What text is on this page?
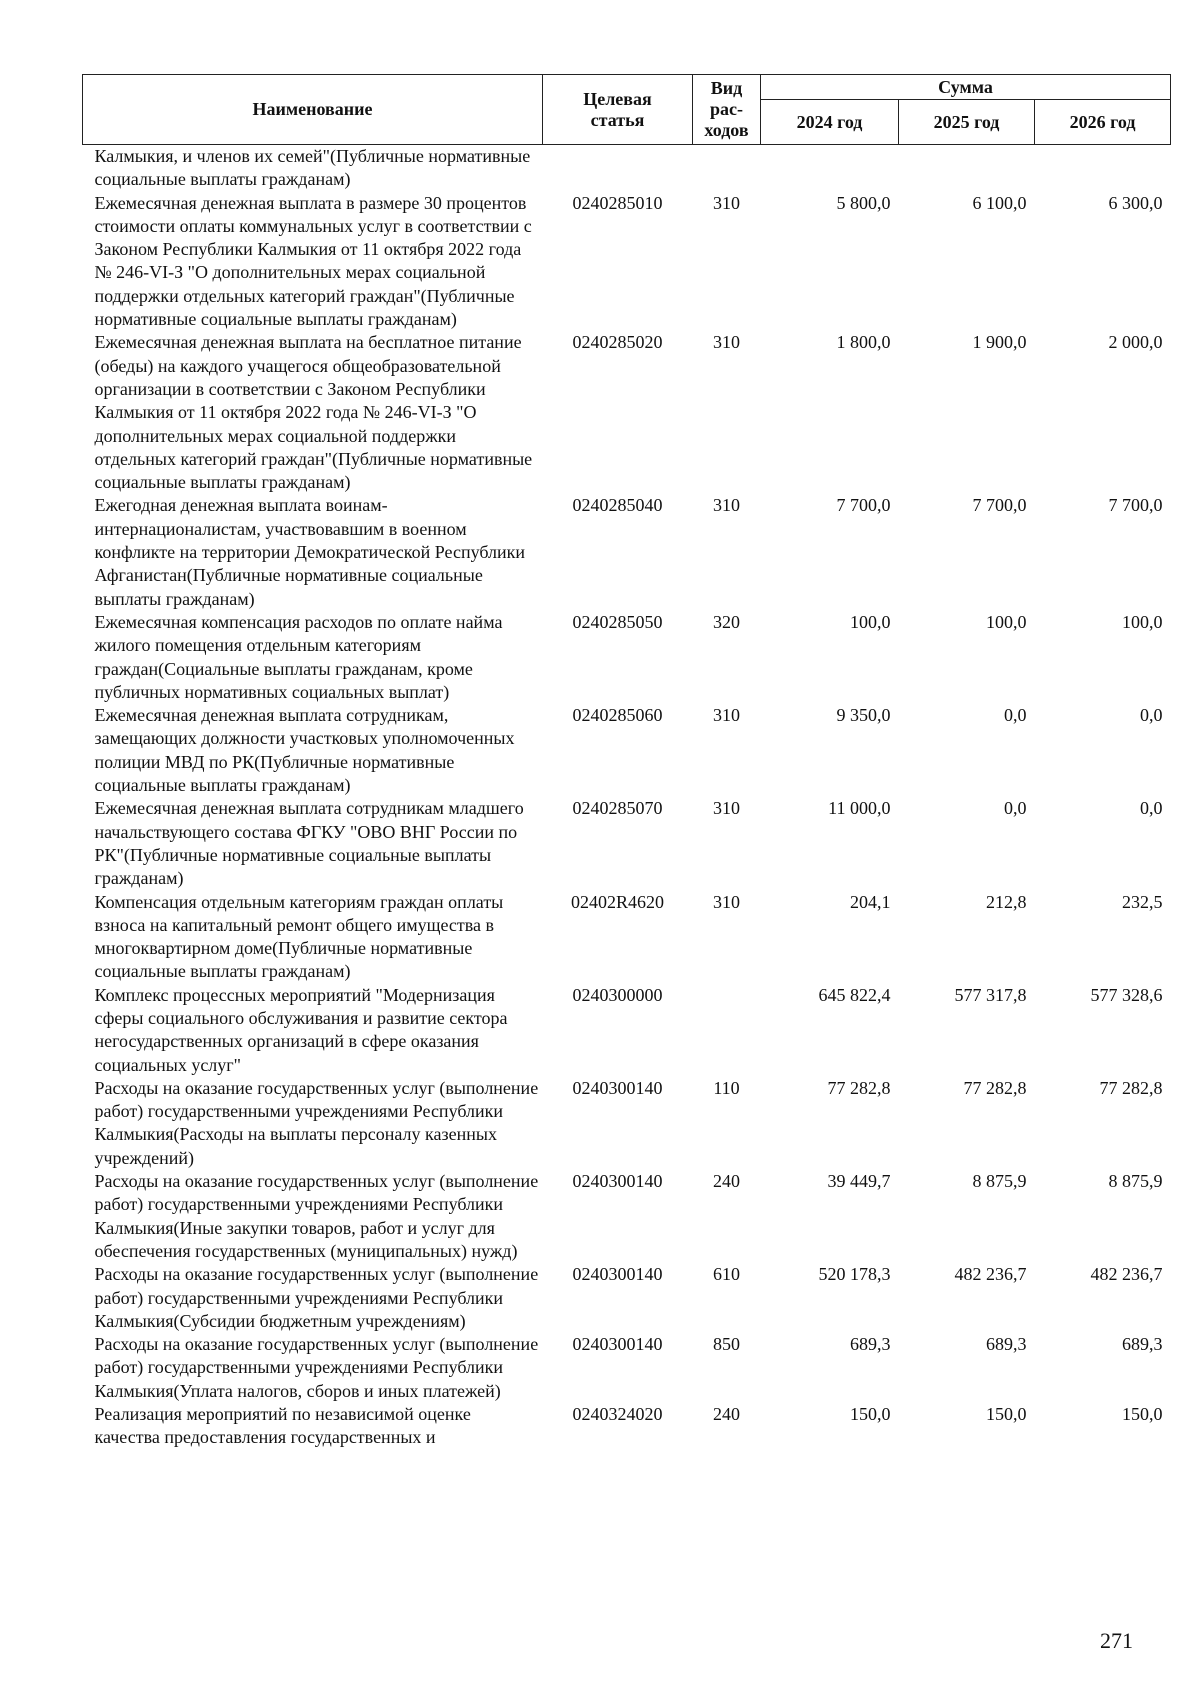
Наименование	Целевая статья	Вид рас-ходов	Сумма		
			2024 год	2025 год	2026 год
Калмыкия, и членов их семей"(Публичные нормативные социальные выплаты гражданам)					
Ежемесячная денежная выплата в размере 30 процентов стоимости оплаты коммунальных услуг в соответствии с Законом Республики Калмыкия от 11 октября 2022 года № 246-VI-З "О дополнительных мерах социальной поддержки отдельных категорий граждан"(Публичные нормативные социальные выплаты гражданам)	0240285010	310	5 800,0	6 100,0	6 300,0
Ежемесячная денежная выплата на бесплатное питание (обеды) на каждого учащегося общеобразовательной организации в соответствии с Законом Республики Калмыкия от 11 октября 2022 года № 246-VI-З "О дополнительных мерах социальной поддержки отдельных категорий граждан"(Публичные нормативные социальные выплаты гражданам)	0240285020	310	1 800,0	1 900,0	2 000,0
Ежегодная денежная выплата воинам-интернационалистам, участвовавшим в военном конфликте на территории Демократической Республики Афганистан(Публичные нормативные социальные выплаты гражданам)	0240285040	310	7 700,0	7 700,0	7 700,0
Ежемесячная компенсация расходов по оплате найма жилого помещения отдельным категориям граждан(Социальные выплаты гражданам, кроме публичных нормативных социальных выплат)	0240285050	320	100,0	100,0	100,0
Ежемесячная денежная выплата сотрудникам, замещающих должности участковых уполномоченных полиции МВД по РК(Публичные нормативные социальные выплаты гражданам)	0240285060	310	9 350,0	0,0	0,0
Ежемесячная денежная выплата сотрудникам младшего начальствующего состава ФГКУ "ОВО ВНГ России по РК"(Публичные нормативные социальные выплаты гражданам)	0240285070	310	11 000,0	0,0	0,0
Компенсация отдельным категориям граждан оплаты взноса на капитальный ремонт общего имущества в многоквартирном доме(Публичные нормативные социальные выплаты гражданам)	02402R4620	310	204,1	212,8	232,5
Комплекс процессных мероприятий "Модернизация сферы социального обслуживания и развитие сектора негосударственных организаций в сфере оказания социальных услуг"	0240300000		645 822,4	577 317,8	577 328,6
Расходы на оказание государственных услуг (выполнение работ) государственными учреждениями Республики Калмыкия(Расходы на выплаты персоналу казенных учреждений)	0240300140	110	77 282,8	77 282,8	77 282,8
Расходы на оказание государственных услуг (выполнение работ) государственными учреждениями Республики Калмыкия(Иные закупки товаров, работ и услуг для обеспечения государственных (муниципальных) нужд)	0240300140	240	39 449,7	8 875,9	8 875,9
Расходы на оказание государственных услуг (выполнение работ) государственными учреждениями Республики Калмыкия(Субсидии бюджетным учреждениям)	0240300140	610	520 178,3	482 236,7	482 236,7
Расходы на оказание государственных услуг (выполнение работ) государственными учреждениями Республики Калмыкия(Уплата налогов, сборов и иных платежей)	0240300140	850	689,3	689,3	689,3
Реализация мероприятий по независимой оценке качества предоставления государственных и	0240324020	240	150,0	150,0	150,0
271
